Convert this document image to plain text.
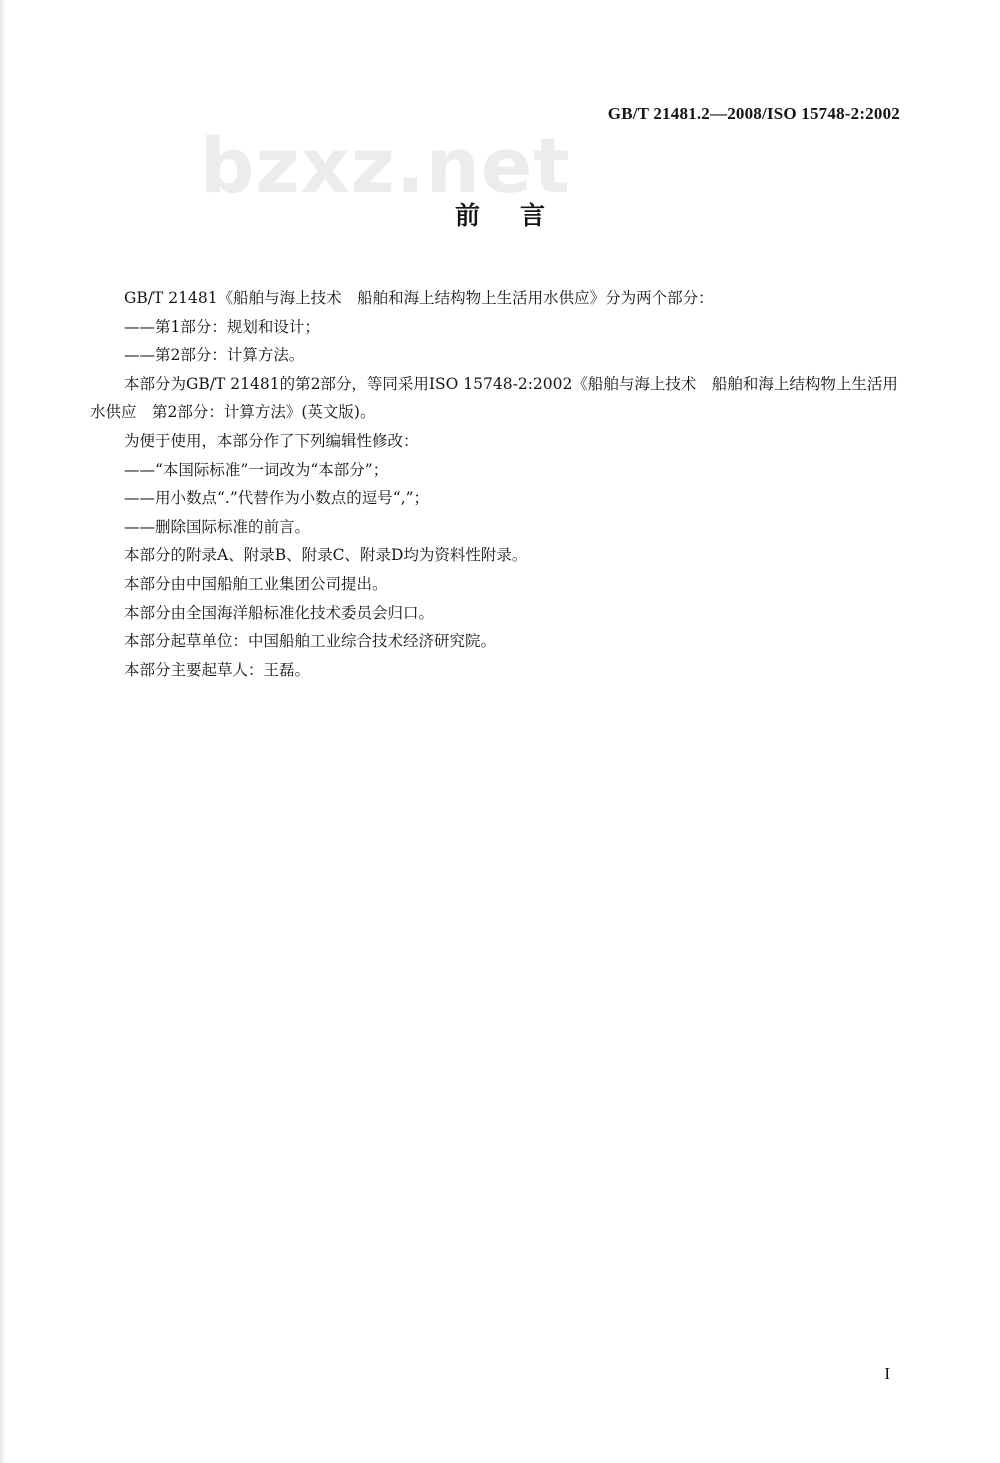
GB/T 21481.2—2008/ISO 15748-2:2002
bzxz.net
前言

GB/T 21481《船舶与海上技术　船舶和海上结构物上生活用水供应》分为两个部分：

——第1部分：规划和设计；

——第2部分：计算方法。

本部分为GB/T 21481的第2部分，等同采用ISO 15748-2:2002《船舶与海上技术　船舶和海上结构物上生活用水供应　第2部分：计算方法》(英文版)。

为便于使用，本部分作了下列编辑性修改：

——“本国际标准”一词改为“本部分”；

——用小数点“.”代替作为小数点的逗号“,”；

——删除国际标准的前言。

本部分的附录A、附录B、附录C、附录D均为资料性附录。

本部分由中国船舶工业集团公司提出。

本部分由全国海洋船标准化技术委员会归口。

本部分起草单位：中国船舶工业综合技术经济研究院。

本部分主要起草人：王磊。

I
